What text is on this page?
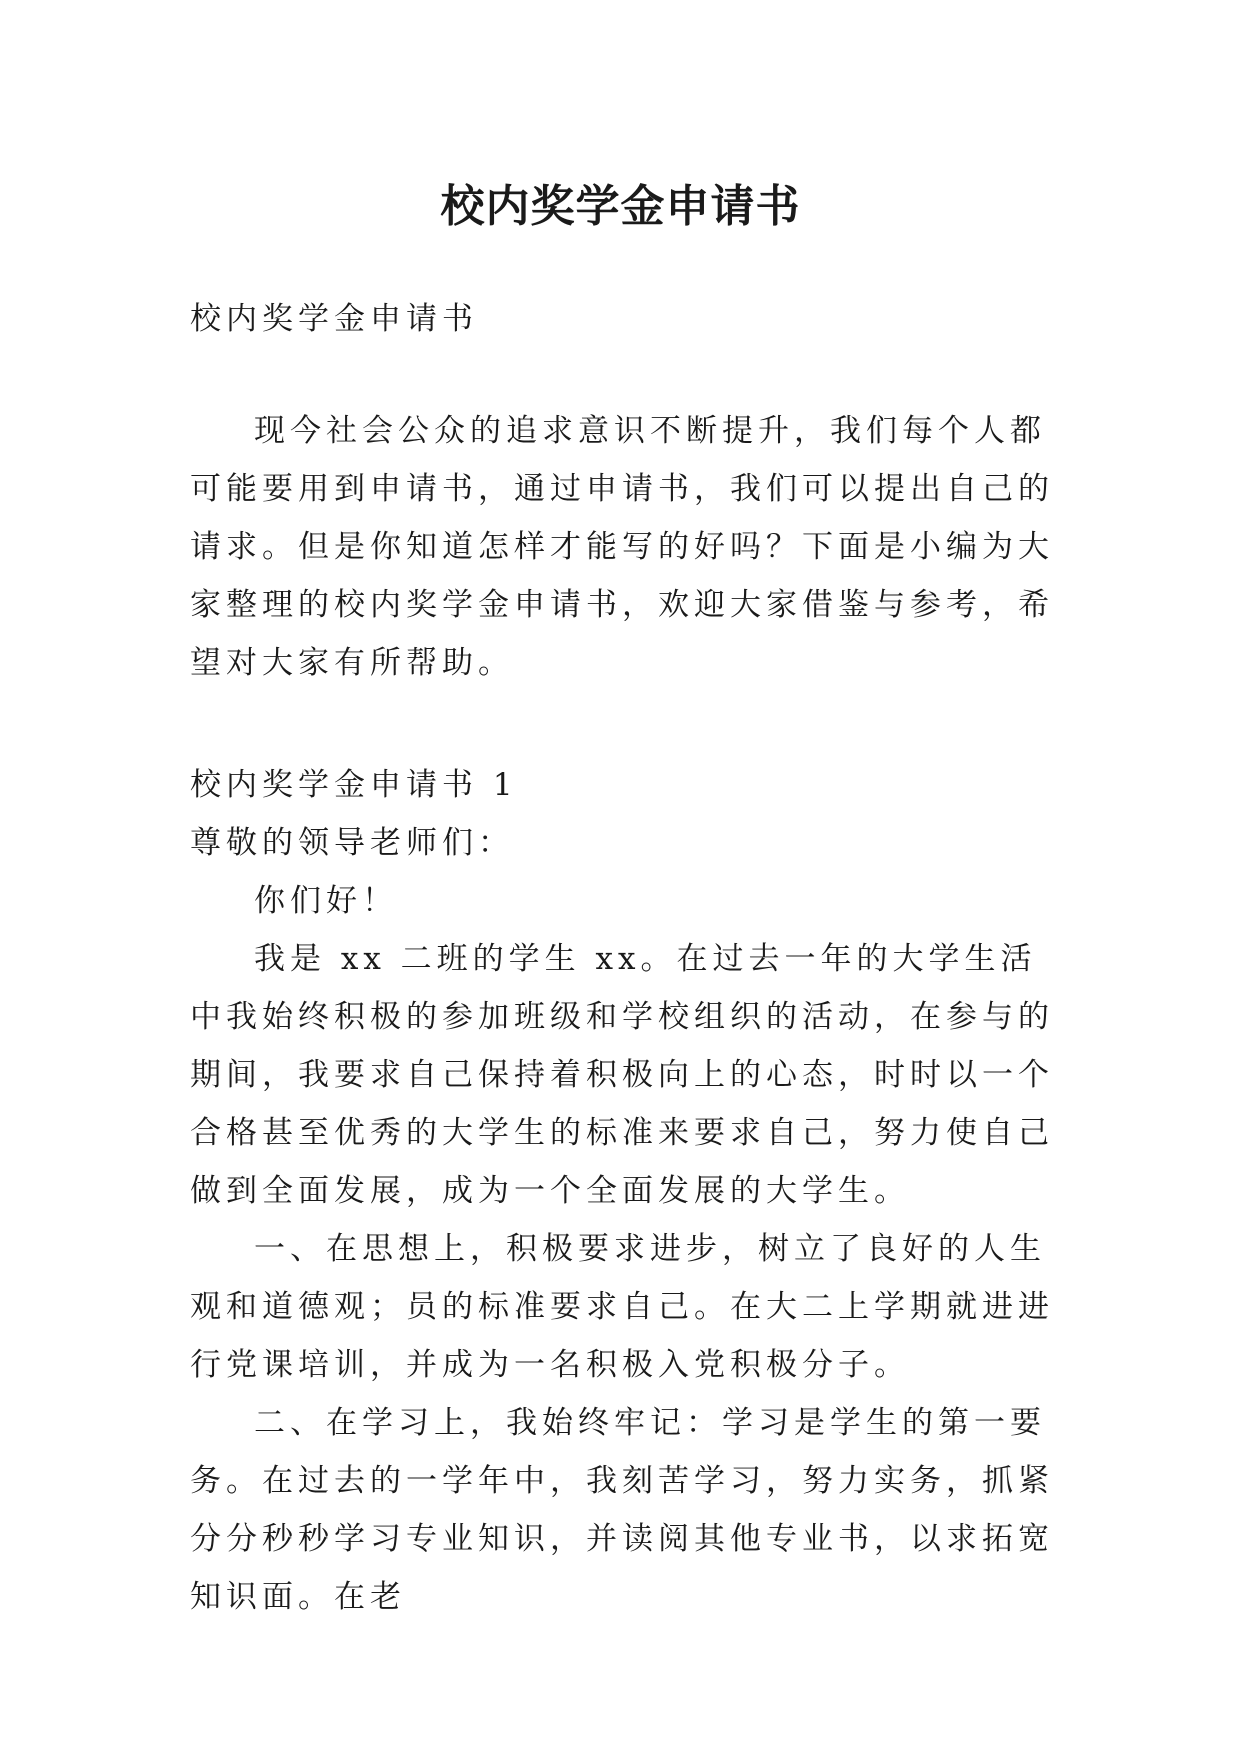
校内奖学金申请书

校内奖学金申请书

现今社会公众的追求意识不断提升，我们每个人都可能要用到申请书，通过申请书，我们可以提出自己的请求。但是你知道怎样才能写的好吗？下面是小编为大家整理的校内奖学金申请书，欢迎大家借鉴与参考，希望对大家有所帮助。

校内奖学金申请书 1

尊敬的领导老师们：

你们好！

我是 xx 二班的学生 xx。在过去一年的大学生活中我始终积极的参加班级和学校组织的活动，在参与的期间，我要求自己保持着积极向上的心态，时时以一个合格甚至优秀的大学生的标准来要求自己，努力使自己做到全面发展，成为一个全面发展的大学生。

一、在思想上，积极要求进步，树立了良好的人生观和道德观；员的标准要求自己。在大二上学期就进进行党课培训，并成为一名积极入党积极分子。

二、在学习上，我始终牢记：学习是学生的第一要务。在过去的一学年中，我刻苦学习，努力实务，抓紧分分秒秒学习专业知识，并读阅其他专业书，以求拓宽知识面。在老
